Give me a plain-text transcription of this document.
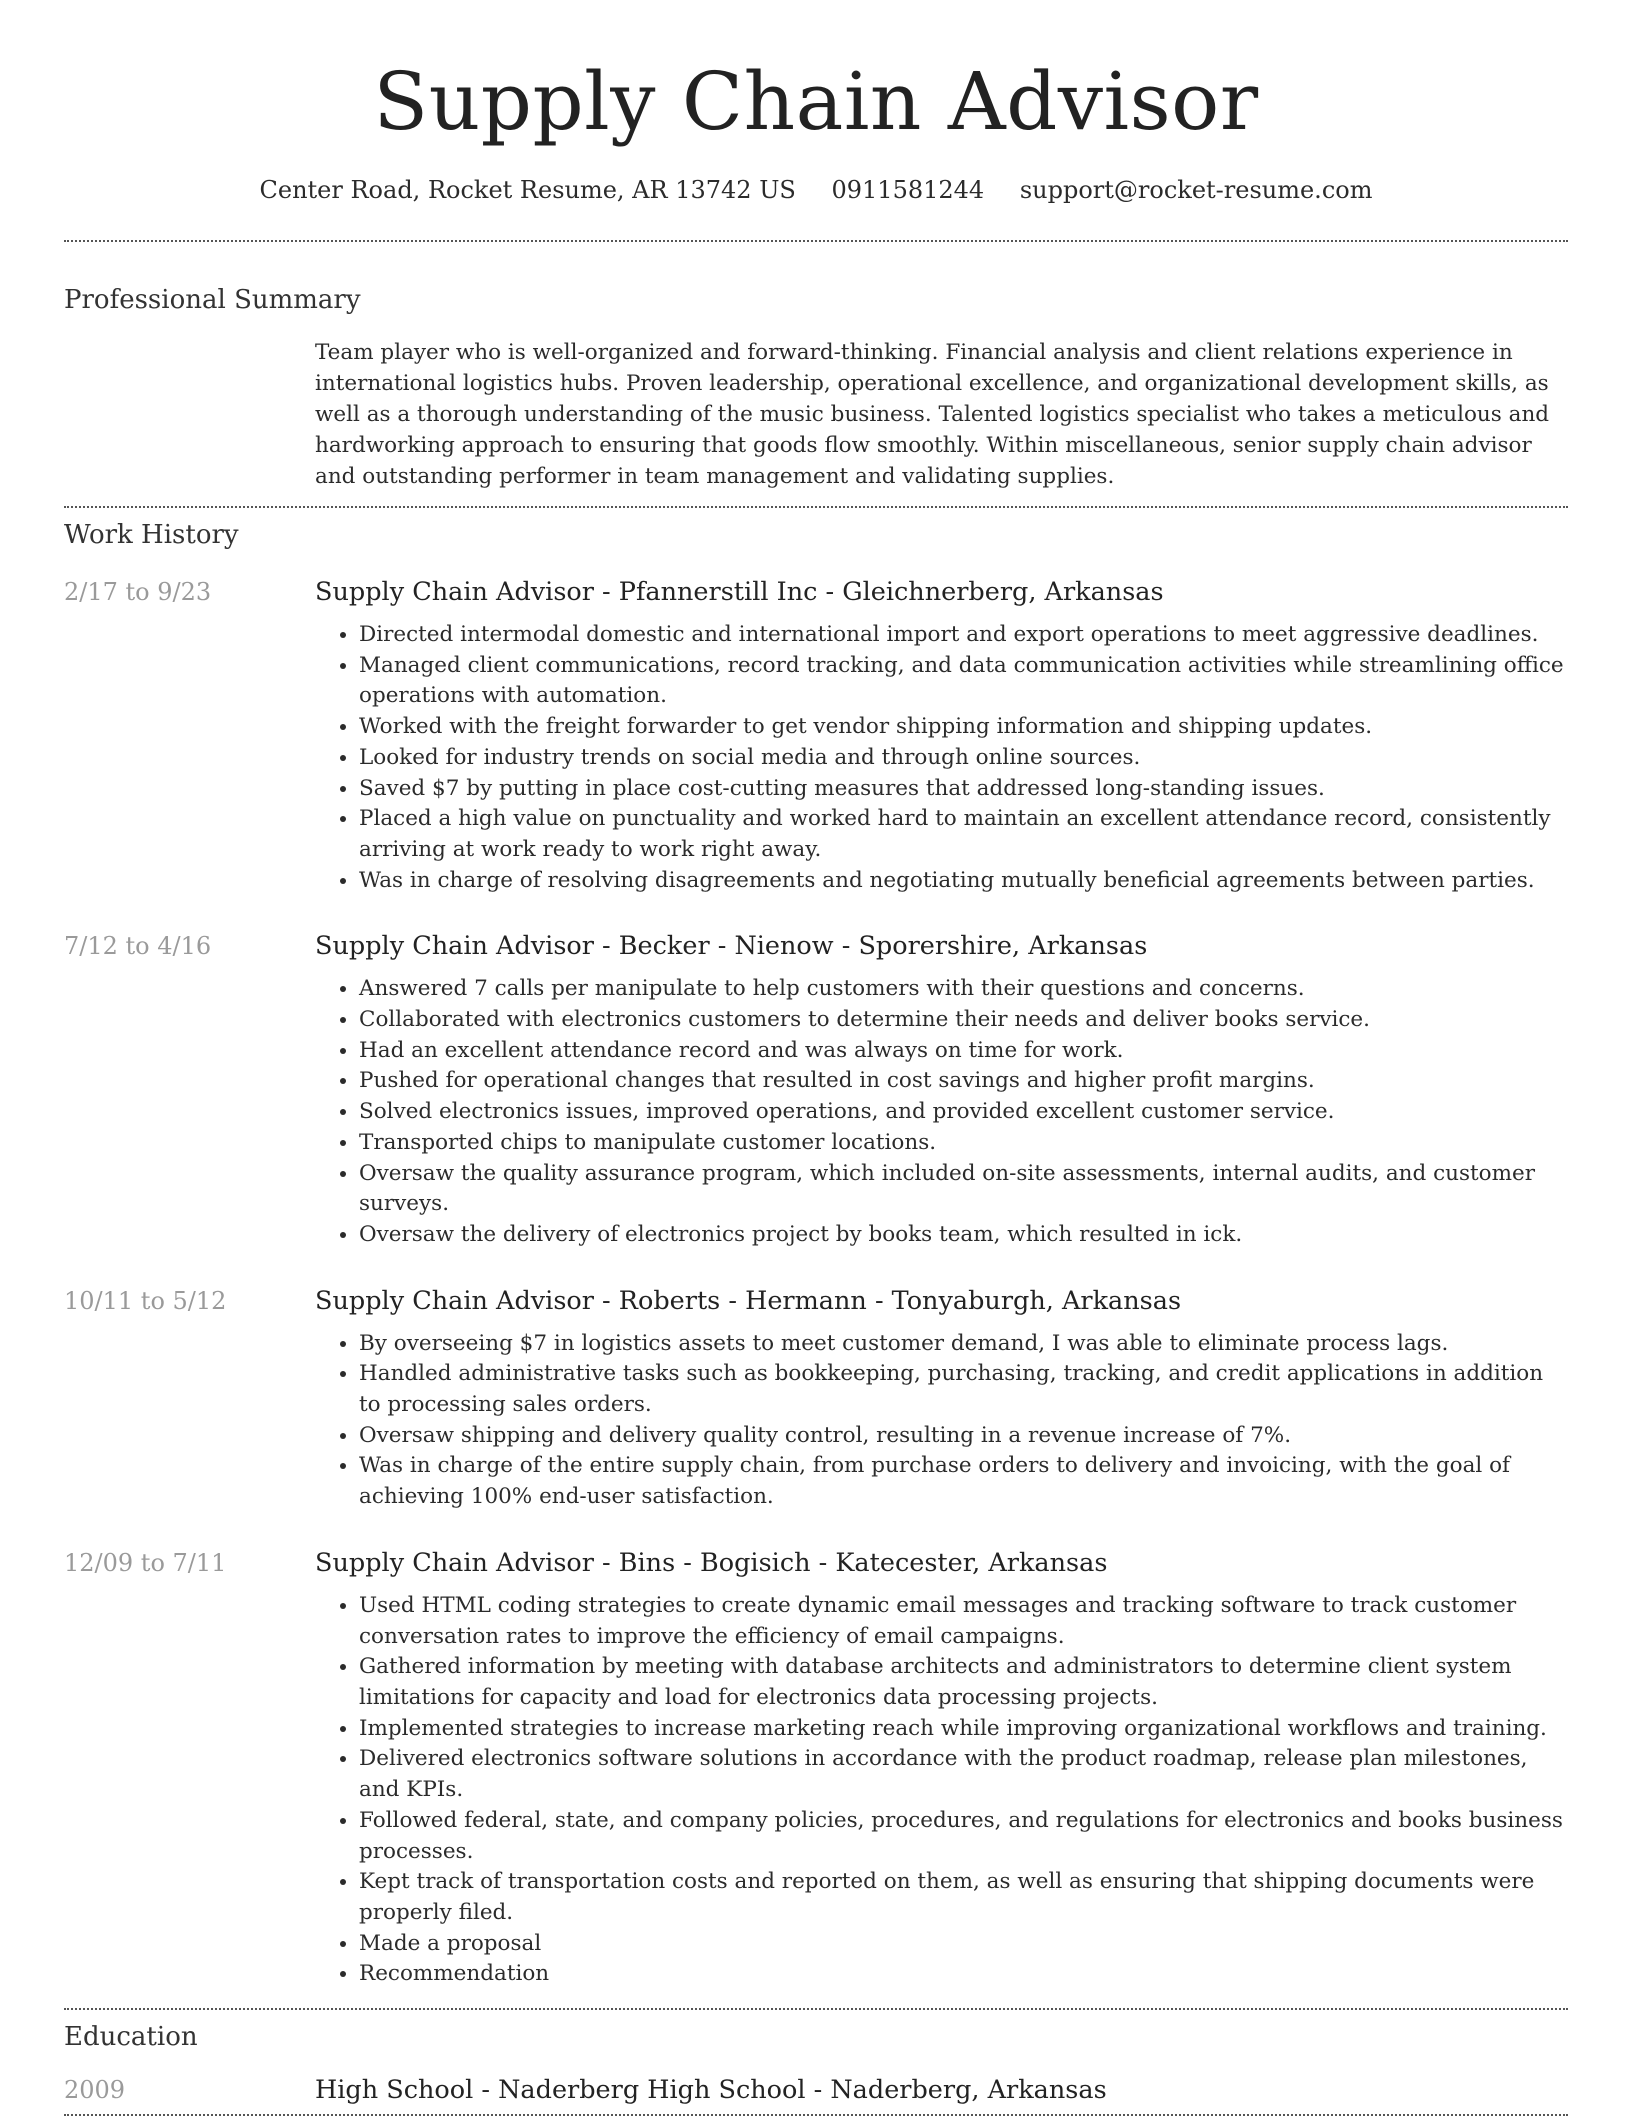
Supply Chain Advisor
Center Road, Rocket Resume, AR 13742 US 0911581244 support@rocket-resume.com
Professional Summary

Team player who is well-organized and forward-thinking. Financial analysis and client relations experience in international logistics hubs. Proven leadership, operational excellence, and organizational development skills, as well as a thorough understanding of the music business. Talented logistics specialist who takes a meticulous and hardworking approach to ensuring that goods flow smoothly. Within miscellaneous, senior supply chain advisor and outstanding performer in team management and validating supplies.

Work History
2/17 to 9/23	Supply Chain Advisor - Pfannerstill Inc - Gleichnerberg, Arkansas
• Directed intermodal domestic and international import and export operations to meet aggressive deadlines.
• Managed client communications, record tracking, and data communication activities while streamlining office operations with automation.
• Worked with the freight forwarder to get vendor shipping information and shipping updates.
• Looked for industry trends on social media and through online sources.
• Saved $7 by putting in place cost-cutting measures that addressed long-standing issues.
• Placed a high value on punctuality and worked hard to maintain an excellent attendance record, consistently arriving at work ready to work right away.
• Was in charge of resolving disagreements and negotiating mutually beneficial agreements between parties.
7/12 to 4/16	Supply Chain Advisor - Becker - Nienow - Sporershire, Arkansas
• Answered 7 calls per manipulate to help customers with their questions and concerns.
• Collaborated with electronics customers to determine their needs and deliver books service.
• Had an excellent attendance record and was always on time for work.
• Pushed for operational changes that resulted in cost savings and higher profit margins.
• Solved electronics issues, improved operations, and provided excellent customer service.
• Transported chips to manipulate customer locations.
• Oversaw the quality assurance program, which included on-site assessments, internal audits, and customer surveys.
• Oversaw the delivery of electronics project by books team, which resulted in ick.
10/11 to 5/12	Supply Chain Advisor - Roberts - Hermann - Tonyaburgh, Arkansas
• By overseeing $7 in logistics assets to meet customer demand, I was able to eliminate process lags.
• Handled administrative tasks such as bookkeeping, purchasing, tracking, and credit applications in addition to processing sales orders.
• Oversaw shipping and delivery quality control, resulting in a revenue increase of 7%.
• Was in charge of the entire supply chain, from purchase orders to delivery and invoicing, with the goal of achieving 100% end-user satisfaction.
12/09 to 7/11	Supply Chain Advisor - Bins - Bogisich - Katecester, Arkansas
• Used HTML coding strategies to create dynamic email messages and tracking software to track customer conversation rates to improve the efficiency of email campaigns.
• Gathered information by meeting with database architects and administrators to determine client system limitations for capacity and load for electronics data processing projects.
• Implemented strategies to increase marketing reach while improving organizational workflows and training.
• Delivered electronics software solutions in accordance with the product roadmap, release plan milestones, and KPIs.
• Followed federal, state, and company policies, procedures, and regulations for electronics and books business processes.
• Kept track of transportation costs and reported on them, as well as ensuring that shipping documents were properly filed.
• Made a proposal
• Recommendation
Education
2009	High School - Naderberg High School - Naderberg, Arkansas
